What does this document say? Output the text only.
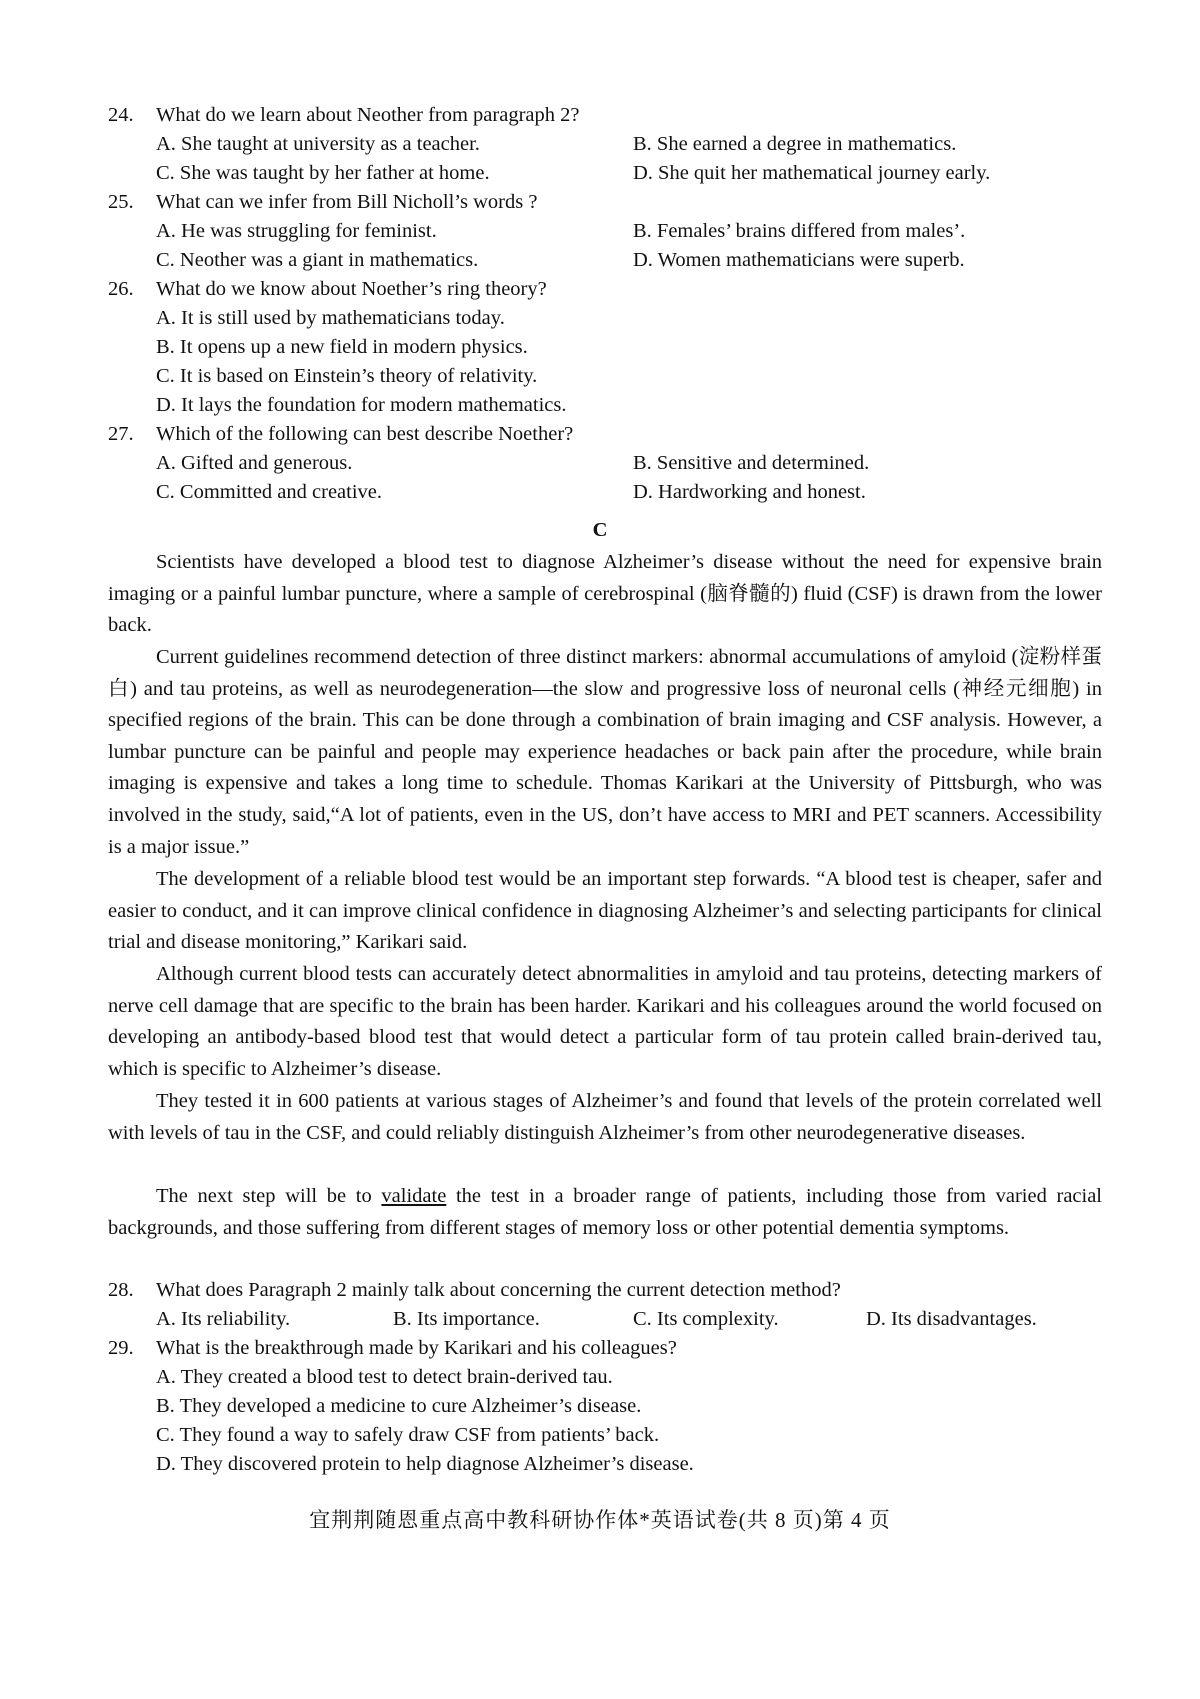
24. What do we learn about Neother from paragraph 2?
A. She taught at university as a teacher.	B. She earned a degree in mathematics.
C. She was taught by her father at home.	D. She quit her mathematical journey early.
25. What can we infer from Bill Nicholl’s words ?
A. He was struggling for feminist.	B. Females’ brains differed from males’.
C. Neother was a giant in mathematics.	D. Women mathematicians were superb.
26. What do we know about Noether’s ring theory?
A. It is still used by mathematicians today.
B. It opens up a new field in modern physics.
C. It is based on Einstein’s theory of relativity.
D. It lays the foundation for modern mathematics.
27. Which of the following can best describe Noether?
A. Gifted and generous.	B. Sensitive and determined.
C. Committed and creative.	D. Hardworking and honest.
C
Scientists have developed a blood test to diagnose Alzheimer’s disease without the need for expensive brain imaging or a painful lumbar puncture, where a sample of cerebrospinal (脑脊髓的) fluid (CSF) is drawn from the lower back.
Current guidelines recommend detection of three distinct markers: abnormal accumulations of amyloid (淀粉样蛋白) and tau proteins, as well as neurodegeneration—the slow and progressive loss of neuronal cells (神经元细胞) in specified regions of the brain. This can be done through a combination of brain imaging and CSF analysis. However, a lumbar puncture can be painful and people may experience headaches or back pain after the procedure, while brain imaging is expensive and takes a long time to schedule. Thomas Karikari at the University of Pittsburgh, who was involved in the study, said,“A lot of patients, even in the US, don’t have access to MRI and PET scanners. Accessibility is a major issue.”
The development of a reliable blood test would be an important step forwards. “A blood test is cheaper, safer and easier to conduct, and it can improve clinical confidence in diagnosing Alzheimer’s and selecting participants for clinical trial and disease monitoring,” Karikari said.
Although current blood tests can accurately detect abnormalities in amyloid and tau proteins, detecting markers of nerve cell damage that are specific to the brain has been harder. Karikari and his colleagues around the world focused on developing an antibody-based blood test that would detect a particular form of tau protein called brain-derived tau, which is specific to Alzheimer’s disease.
They tested it in 600 patients at various stages of Alzheimer’s and found that levels of the protein correlated well with levels of tau in the CSF, and could reliably distinguish Alzheimer’s from other neurodegenerative diseases.
The next step will be to validate the test in a broader range of patients, including those from varied racial backgrounds, and those suffering from different stages of memory loss or other potential dementia symptoms.
28. What does Paragraph 2 mainly talk about concerning the current detection method?
A. Its reliability.	B. Its importance.	C. Its complexity.	D. Its disadvantages.
29. What is the breakthrough made by Karikari and his colleagues?
A. They created a blood test to detect brain-derived tau.
B. They developed a medicine to cure Alzheimer’s disease.
C. They found a way to safely draw CSF from patients’ back.
D. They discovered protein to help diagnose Alzheimer’s disease.
宜荆荆随恩重点高中教科研协作体*英语试卷(共 8 页)第 4 页
